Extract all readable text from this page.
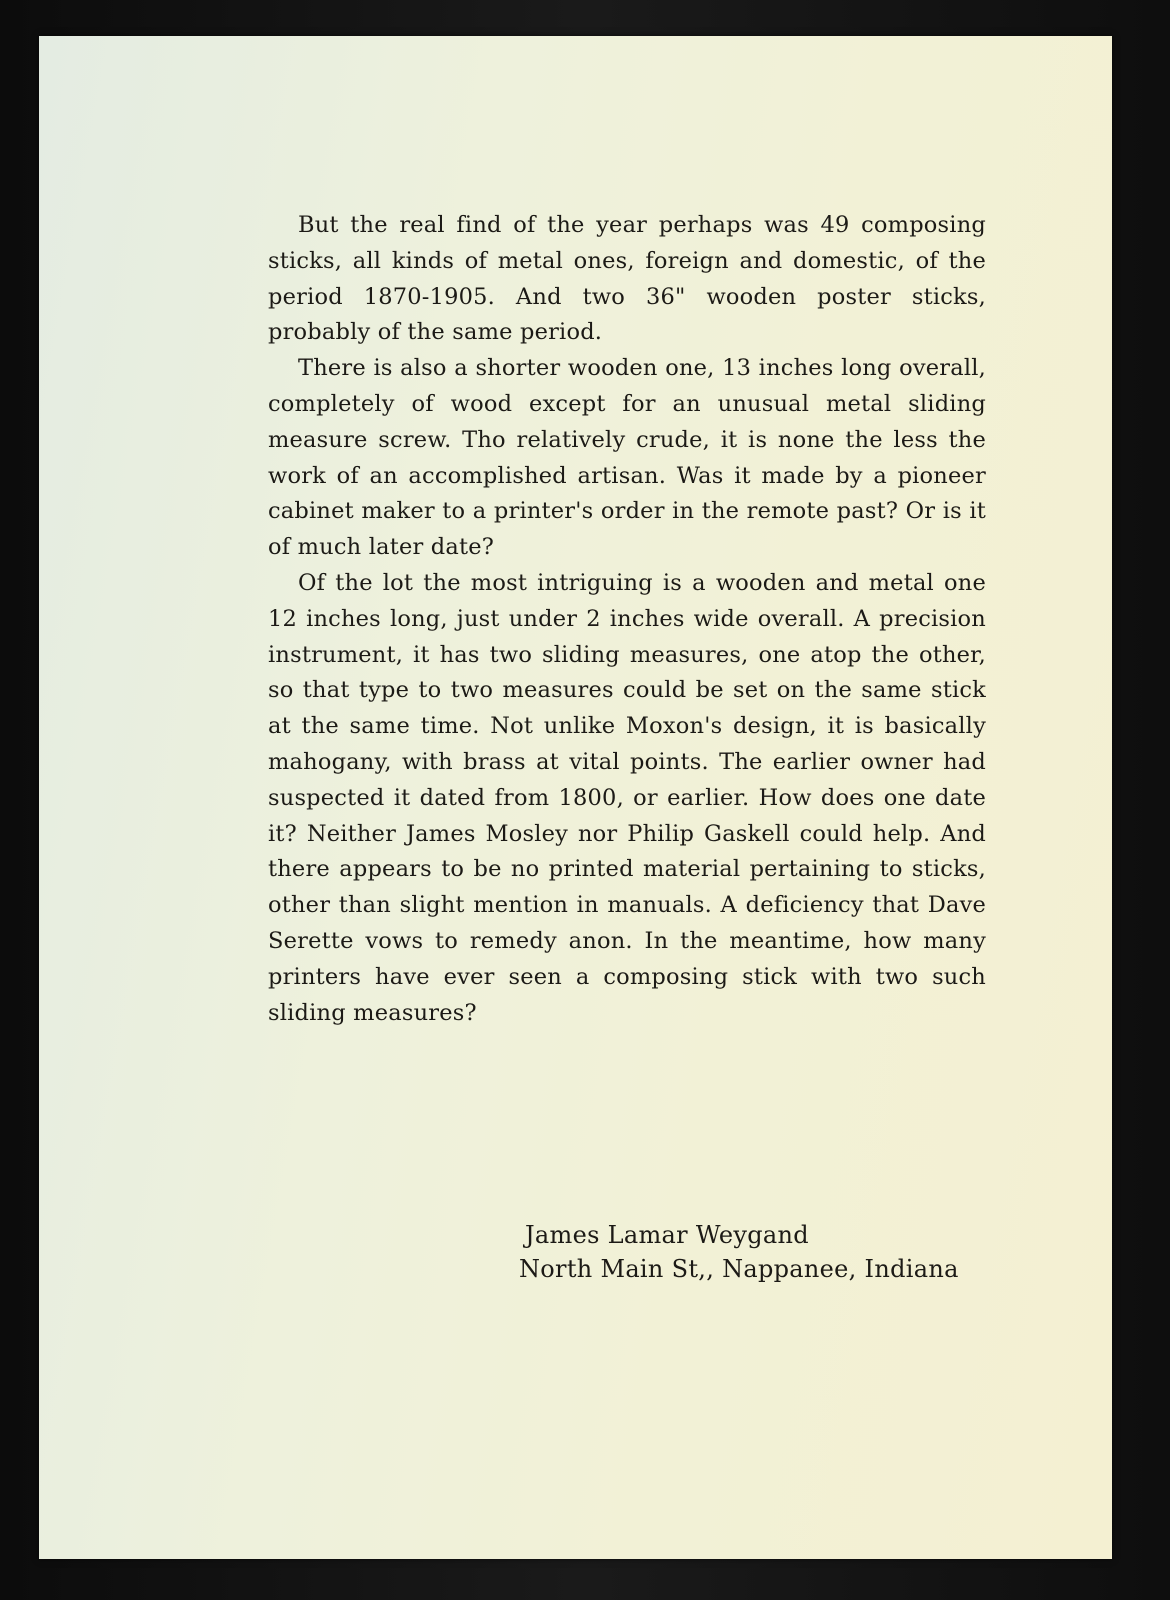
But the real find of the year perhaps was 49 composing sticks, all kinds of metal ones, foreign and domestic, of the period 1870-1905. And two 36" wooden poster sticks, probably of the same period.

There is also a shorter wooden one, 13 inches long overall, completely of wood except for an unusual metal sliding measure screw. Tho relatively crude, it is none the less the work of an accomplished artisan. Was it made by a pioneer cabinet maker to a printer's order in the remote past? Or is it of much later date?

Of the lot the most intriguing is a wooden and metal one 12 inches long, just under 2 inches wide overall. A precision instrument, it has two sliding measures, one atop the other, so that type to two measures could be set on the same stick at the same time. Not unlike Moxon's design, it is basically mahogany, with brass at vital points. The earlier owner had suspected it dated from 1800, or earlier. How does one date it? Neither James Mosley nor Philip Gaskell could help. And there appears to be no printed material pertaining to sticks, other than slight mention in manuals. A deficiency that Dave Serette vows to remedy anon. In the meantime, how many printers have ever seen a composing stick with two such sliding measures?

James Lamar Weygand
North Main St,, Nappanee, Indiana
